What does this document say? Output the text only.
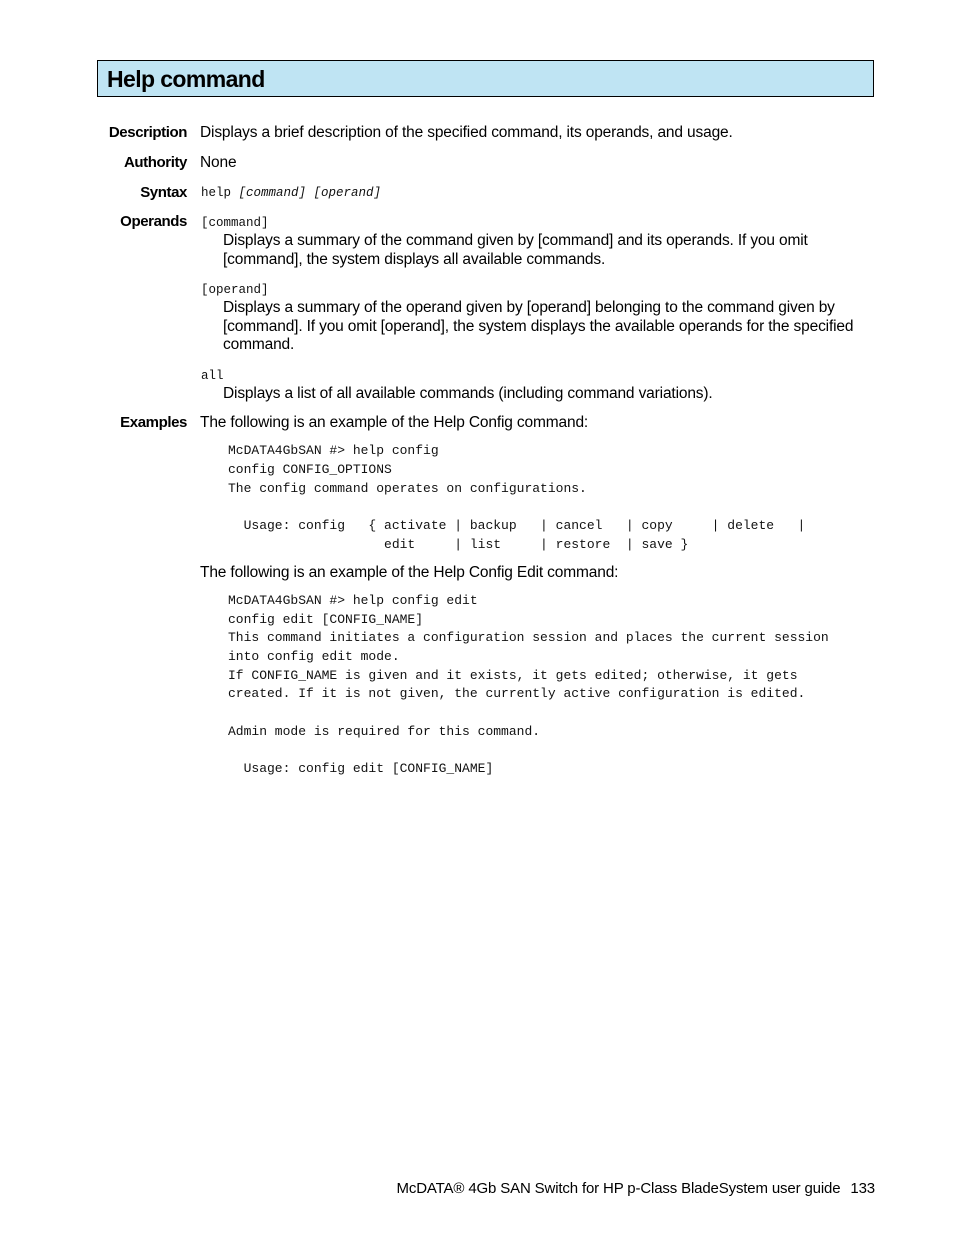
Help command
Description Displays a brief description of the specified command, its operands, and usage.
Authority None
Syntax help [command] [operand]
Operands [command]
Displays a summary of the command given by [command] and its operands. If you omit
[command], the system displays all available commands.
[operand]
Displays a summary of the operand given by [operand] belonging to the command given by
[command]. If you omit [operand], the system displays the available operands for the specified
command.
all
Displays a list of all available commands (including command variations).
Examples The following is an example of the Help Config command:
McDATA4GbSAN #> help config
config CONFIG_OPTIONS
The config command operates on configurations.
Usage: config   { activate | backup   | cancel   | copy     | delete   |
edit     | list     | restore  | save }
The following is an example of the Help Config Edit command:
McDATA4GbSAN #> help config edit
config edit [CONFIG_NAME]
This command initiates a configuration session and places the current session
into config edit mode.
If CONFIG_NAME is given and it exists, it gets edited; otherwise, it gets
created. If it is not given, the currently active configuration is edited.
Admin mode is required for this command.
Usage: config edit [CONFIG_NAME]
McDATA® 4Gb SAN Switch for HP p-Class BladeSystem user guide 133
